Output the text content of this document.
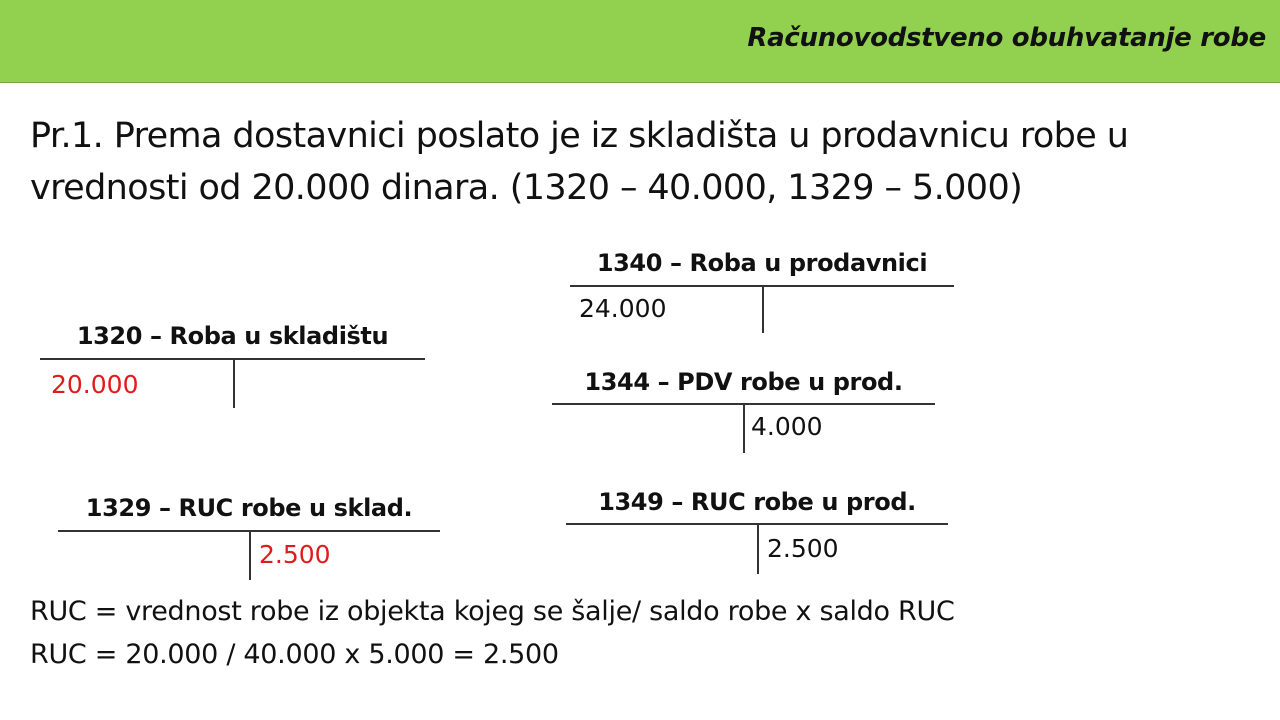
Računovodstveno obuhvatanje robe
Pr.1. Prema dostavnici poslato je iz skladišta u prodavnicu robe u
vrednosti od 20.000 dinara. (1320 – 40.000, 1329 – 5.000)
1320 – Roba u skladištu
20.000
1329 – RUC robe u sklad.
2.500
1340 – Roba u prodavnici
24.000
1344 – PDV robe u prod.
4.000
1349 – RUC robe u prod.
2.500
RUC = vrednost robe iz objekta kojeg se šalje/ saldo robe x saldo RUC
RUC = 20.000 / 40.000 x 5.000 = 2.500
